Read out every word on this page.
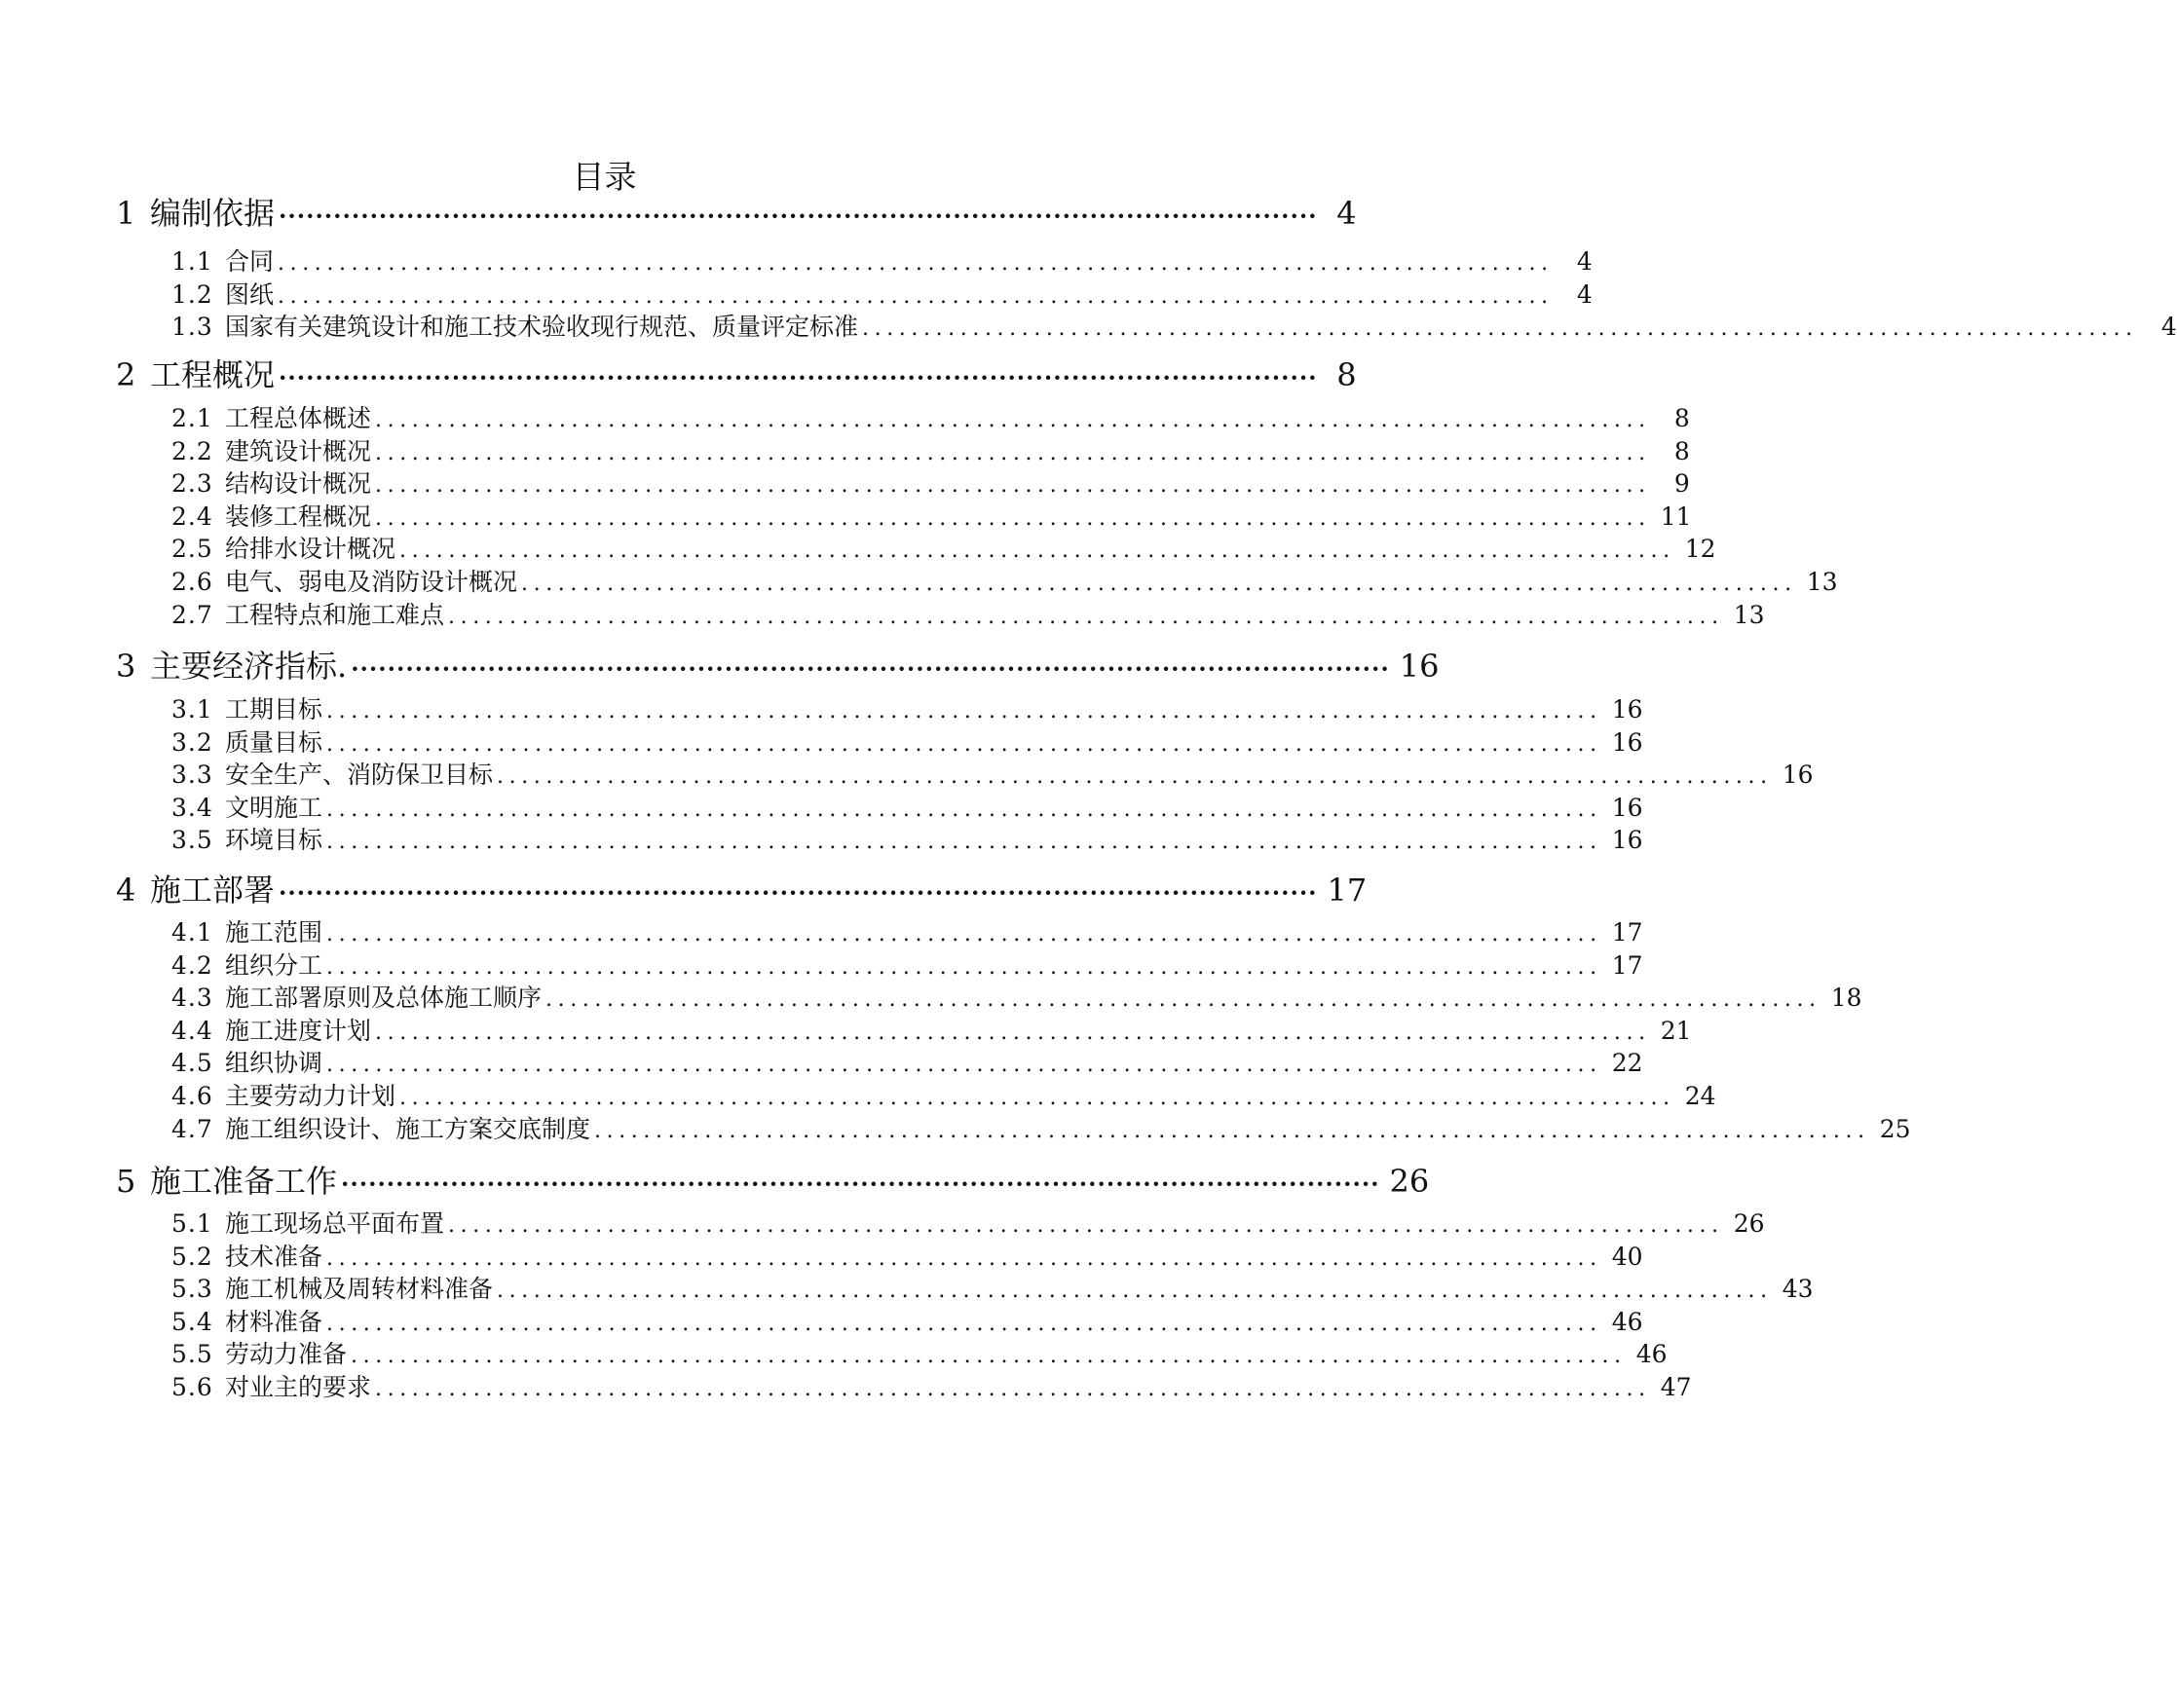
目录
1 编制依据 ·················································································································· 4
1.1 合同 ........................................................................................................ 4
1.2 图纸 ........................................................................................................ 4
1.3 国家有关建筑设计和施工技术验收现行规范、质量评定标准 ........................................................................................................ 4
2 工程概况 ·················································································································· 8
2.1 工程总体概述 ........................................................................................................ 8
2.2 建筑设计概况 ........................................................................................................ 8
2.3 结构设计概况 ........................................................................................................ 9
2.4 装修工程概况 ........................................................................................................ 11
2.5 给排水设计概况 ........................................................................................................ 12
2.6 电气、弱电及消防设计概况 ........................................................................................................ 13
2.7 工程特点和施工难点 ........................................................................................................ 13
3 主要经济指标. ·················································································································· 16
3.1 工期目标 ........................................................................................................ 16
3.2 质量目标 ........................................................................................................ 16
3.3 安全生产、消防保卫目标 ........................................................................................................ 16
3.4 文明施工 ........................................................................................................ 16
3.5 环境目标 ........................................................................................................ 16
4 施工部署 ·················································································································· 17
4.1 施工范围 ........................................................................................................ 17
4.2 组织分工 ........................................................................................................ 17
4.3 施工部署原则及总体施工顺序 ........................................................................................................ 18
4.4 施工进度计划 ........................................................................................................ 21
4.5 组织协调 ........................................................................................................ 22
4.6 主要劳动力计划 ........................................................................................................ 24
4.7 施工组织设计、施工方案交底制度 ........................................................................................................ 25
5 施工准备工作 ·················································································································· 26
5.1 施工现场总平面布置 ........................................................................................................ 26
5.2 技术准备 ........................................................................................................ 40
5.3 施工机械及周转材料准备 ........................................................................................................ 43
5.4 材料准备 ........................................................................................................ 46
5.5 劳动力准备 ........................................................................................................ 46
5.6 对业主的要求 ........................................................................................................ 47
